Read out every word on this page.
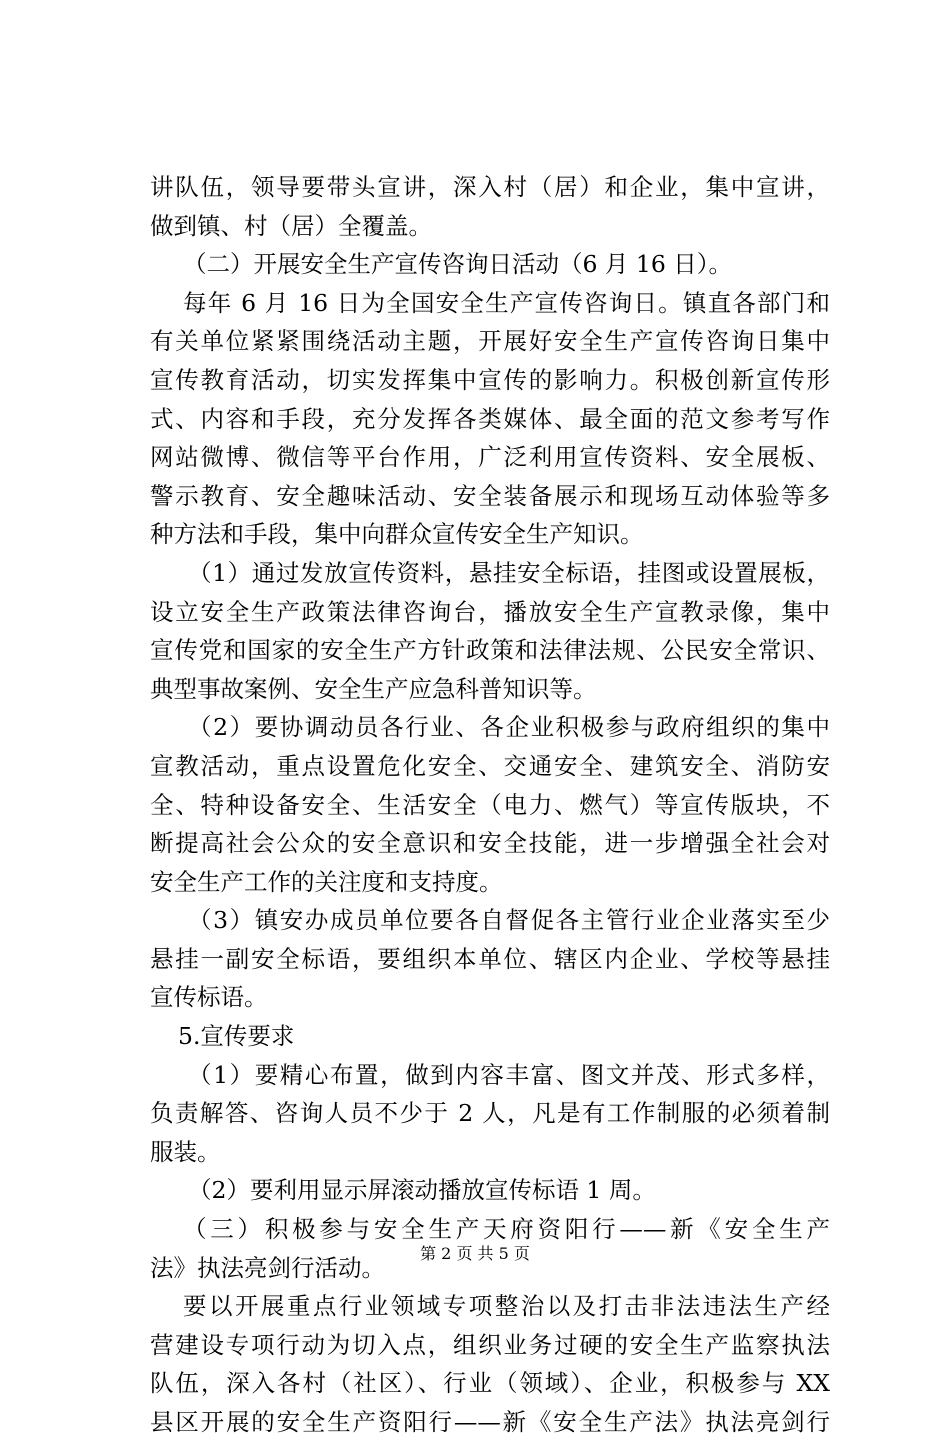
讲队伍，领导要带头宣讲，深入村（居）和企业，集中宣讲，
做到镇、村（居）全覆盖。
（二）开展安全生产宣传咨询日活动（6 月 16 日）。
每年 6 月 16 日为全国安全生产宣传咨询日。镇直各部门和
有关单位紧紧围绕活动主题，开展好安全生产宣传咨询日集中
宣传教育活动，切实发挥集中宣传的影响力。积极创新宣传形
式、内容和手段，充分发挥各类媒体、最全面的范文参考写作
网站微博、微信等平台作用，广泛利用宣传资料、安全展板、
警示教育、安全趣味活动、安全装备展示和现场互动体验等多
种方法和手段，集中向群众宣传安全生产知识。
（1）通过发放宣传资料，悬挂安全标语，挂图或设置展板，
设立安全生产政策法律咨询台，播放安全生产宣教录像，集中
宣传党和国家的安全生产方针政策和法律法规、公民安全常识、
典型事故案例、安全生产应急科普知识等。
（2）要协调动员各行业、各企业积极参与政府组织的集中
宣教活动，重点设置危化安全、交通安全、建筑安全、消防安
全、特种设备安全、生活安全（电力、燃气）等宣传版块，不
断提高社会公众的安全意识和安全技能，进一步增强全社会对
安全生产工作的关注度和支持度。
（3）镇安办成员单位要各自督促各主管行业企业落实至少
悬挂一副安全标语，要组织本单位、辖区内企业、学校等悬挂
宣传标语。
5.宣传要求
（1）要精心布置，做到内容丰富、图文并茂、形式多样，
负责解答、咨询人员不少于 2 人，凡是有工作制服的必须着制
服装。
（2）要利用显示屏滚动播放宣传标语 1 周。
（三）积极参与安全生产天府资阳行——新《安全生产
法》执法亮剑行活动。
要以开展重点行业领域专项整治以及打击非法违法生产经
营建设专项行动为切入点，组织业务过硬的安全生产监察执法
队伍，深入各村（社区）、行业（领域）、企业，积极参与 XX
县区开展的安全生产资阳行——新《安全生产法》执法亮剑行
第 2 页 共 5 页
